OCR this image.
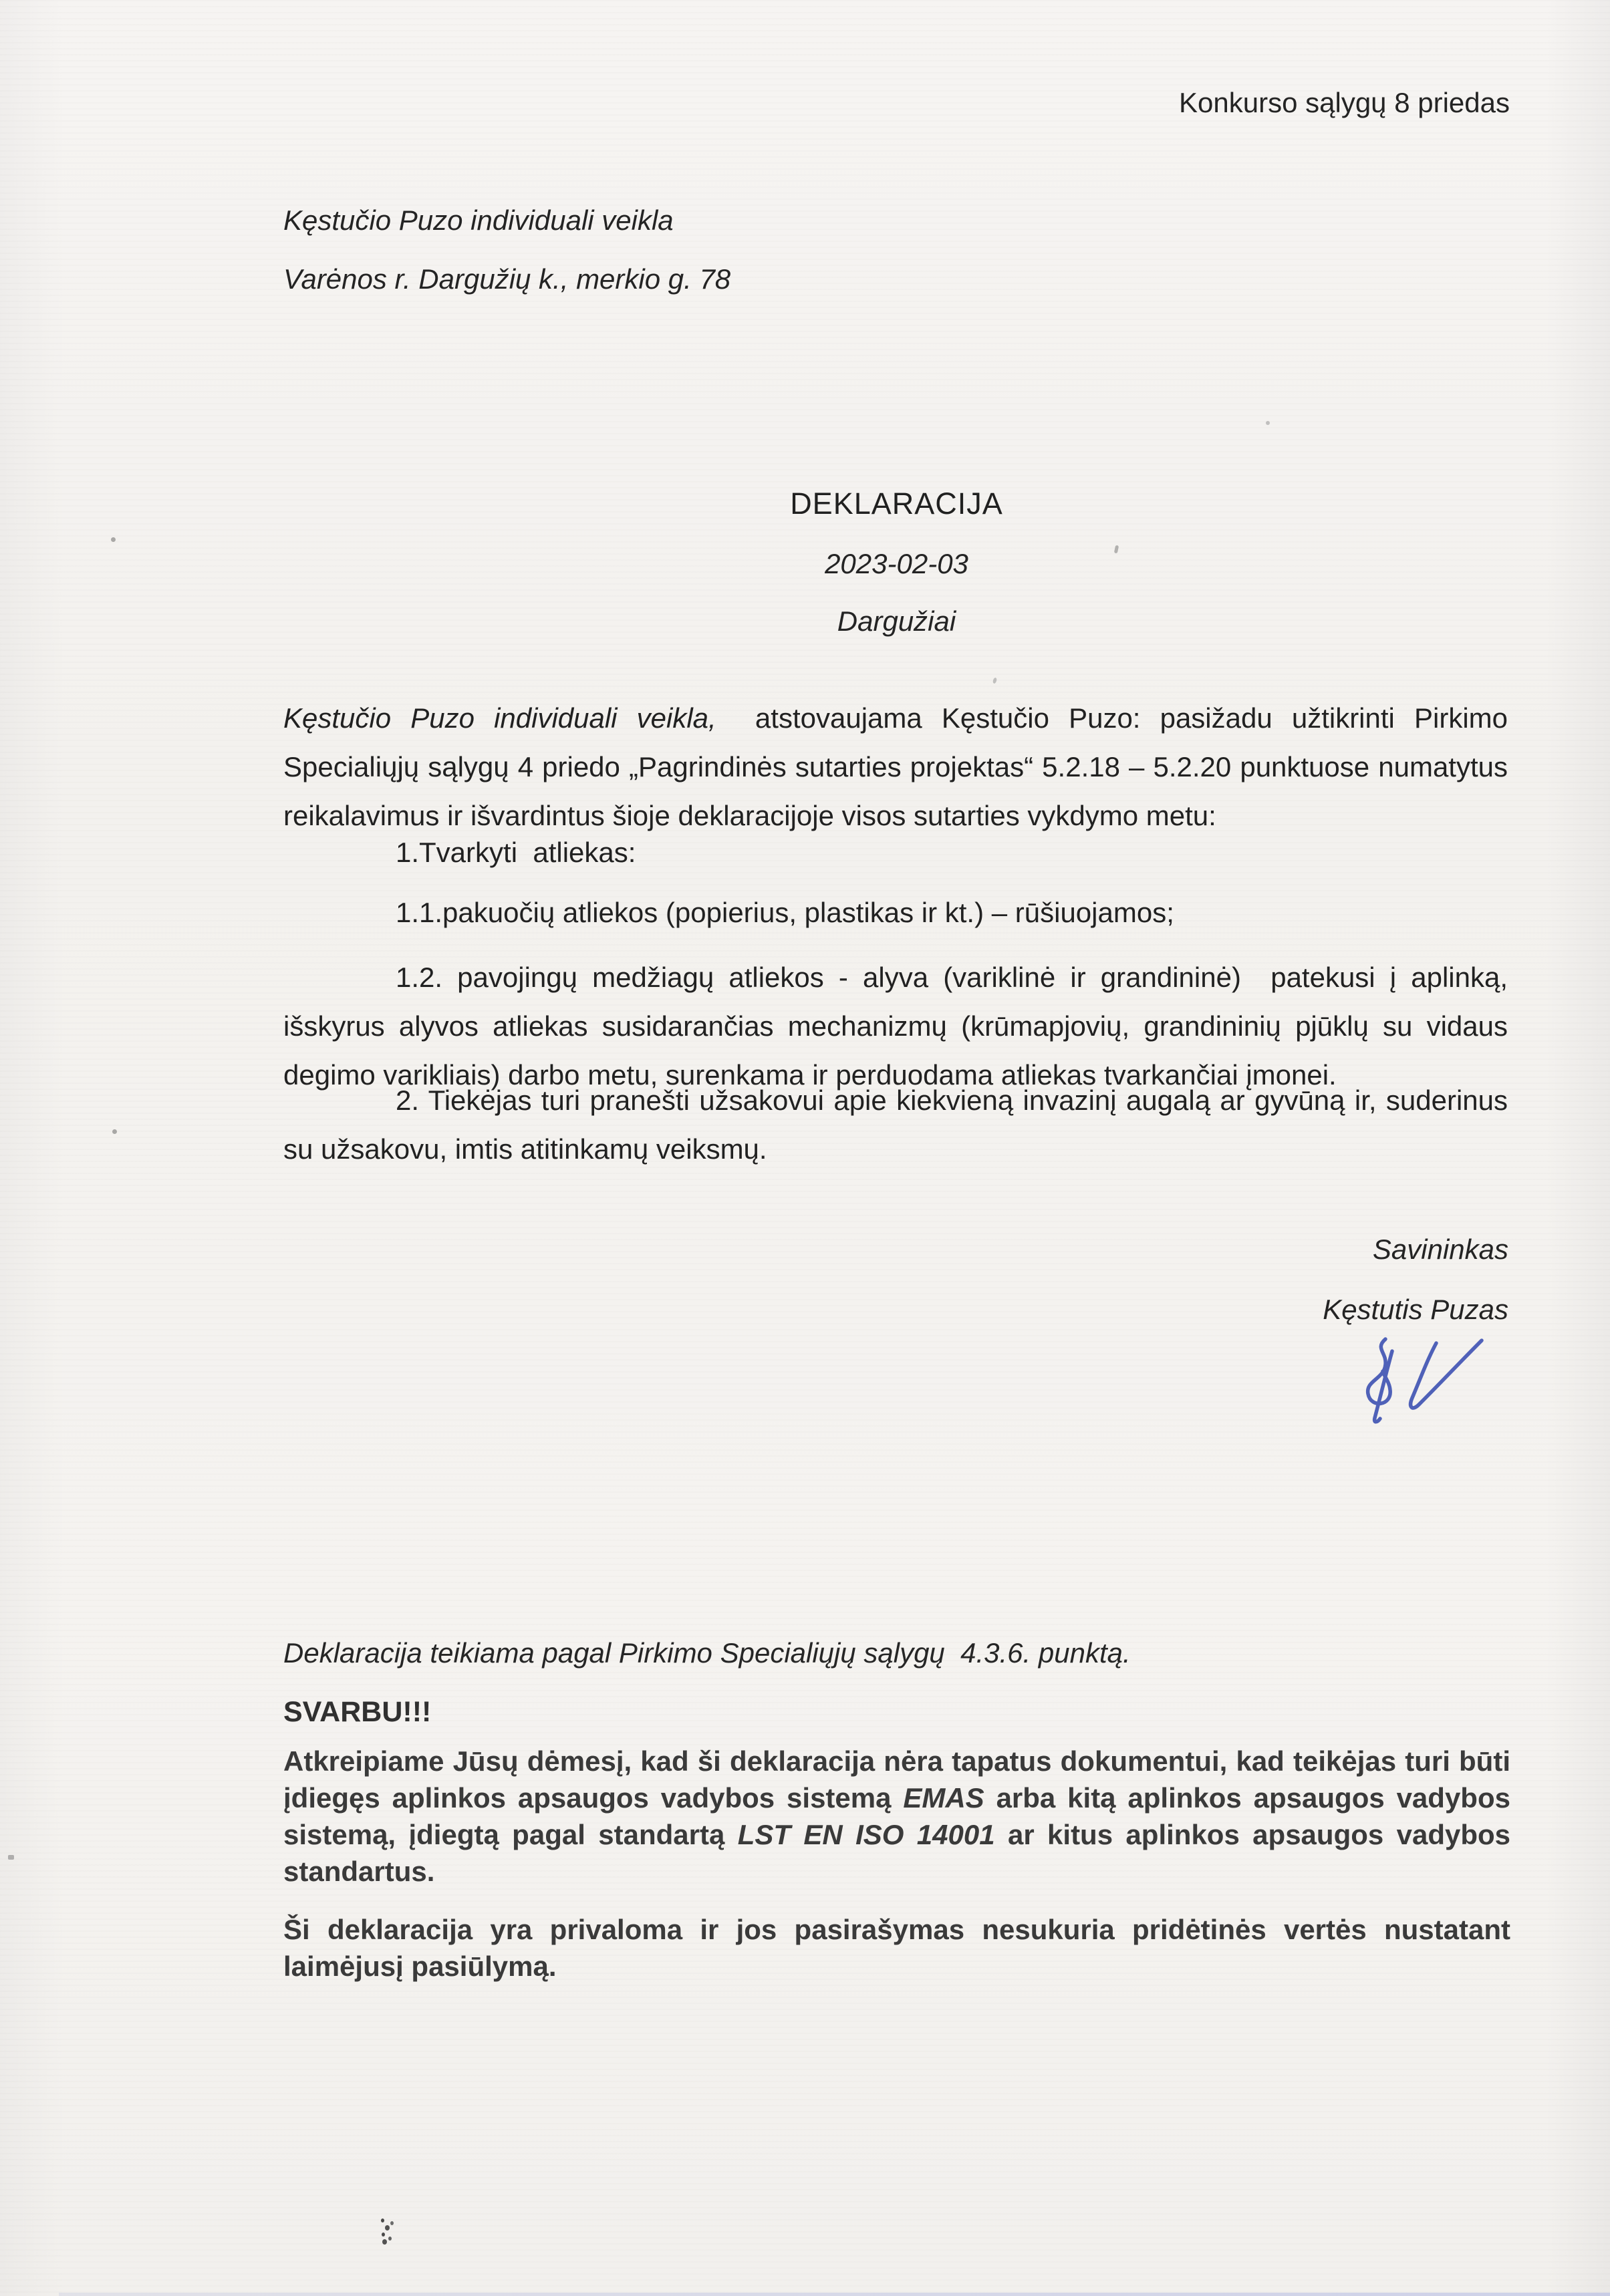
Konkurso sąlygų 8 priedas
Kęstučio Puzo individuali veikla
Varėnos r. Dargužių k., merkio g. 78
DEKLARACIJA
2023-02-03
Dargužiai

Kęstučio Puzo individuali veikla,  atstovaujama Kęstučio Puzo: pasižadu užtikrinti Pirkimo Specialiųjų sąlygų 4 priedo „Pagrindinės sutarties projektas“ 5.2.18 – 5.2.20 punktuose numatytus reikalavimus ir išvardintus šioje deklaracijoje visos sutarties vykdymo metu:

1.Tvarkyti  atliekas:
1.1.pakuočių atliekos (popierius, plastikas ir kt.) – rūšiuojamos;

1.2. pavojingų medžiagų atliekos - alyva (variklinė ir grandininė)  patekusi į aplinką, išskyrus alyvos atliekas susidarančias mechanizmų (krūmapjovių, grandininių pjūklų su vidaus degimo varikliais) darbo metu, surenkama ir perduodama atliekas tvarkančiai įmonei.

2. Tiekėjas turi pranešti užsakovui apie kiekvieną invazinį augalą ar gyvūną ir, suderinus su užsakovu, imtis atitinkamų veiksmų.

Savininkas
Kęstutis Puzas
Deklaracija teikiama pagal Pirkimo Specialiųjų sąlygų  4.3.6. punktą.
SVARBU!!!

Atkreipiame Jūsų dėmesį, kad ši deklaracija nėra tapatus dokumentui, kad teikėjas turi būti įdiegęs aplinkos apsaugos vadybos sistemą EMAS arba kitą aplinkos apsaugos vadybos sistemą, įdiegtą pagal standartą LST EN ISO 14001 ar kitus aplinkos apsaugos vadybos standartus.

Ši deklaracija yra privaloma ir jos pasirašymas nesukuria pridėtinės vertės nustatant laimėjusį pasiūlymą.
